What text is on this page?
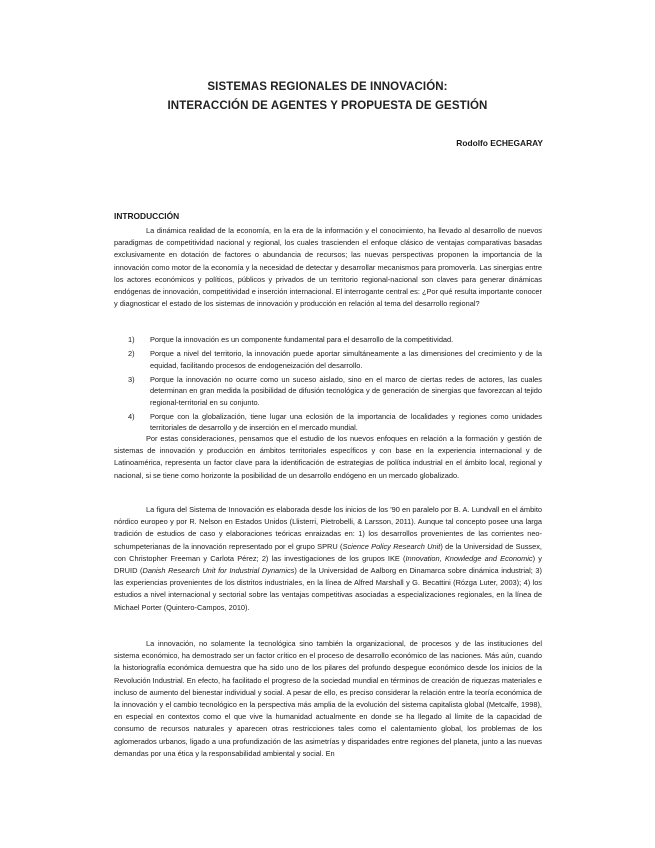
SISTEMAS REGIONALES DE INNOVACIÓN:
INTERACCIÓN DE AGENTES Y PROPUESTA DE GESTIÓN
Rodolfo ECHEGARAY
INTRODUCCIÓN

La dinámica realidad de la economía, en la era de la información y el conocimiento, ha llevado al desarrollo de nuevos paradigmas de competitividad nacional y regional, los cuales trascienden el enfoque clásico de ventajas comparativas basadas exclusivamente en dotación de factores o abundancia de recursos; las nuevas perspectivas proponen la importancia de la innovación como motor de la economía y la necesidad de detectar y desarrollar mecanismos para promoverla. Las sinergias entre los actores económicos y políticos, públicos y privados de un territorio regional-nacional son claves para generar dinámicas endógenas de innovación, competitividad e inserción internacional. El interrogante central es: ¿Por qué resulta importante conocer y diagnosticar el estado de los sistemas de innovación y producción en relación al tema del desarrollo regional?

1)	Porque la innovación es un componente fundamental para el desarrollo de la competitividad.
2)	Porque a nivel del territorio, la innovación puede aportar simultáneamente a las dimensiones del crecimiento y de la equidad, facilitando procesos de endogeneización del desarrollo.
3)	Porque la innovación no ocurre como un suceso aislado, sino en el marco de ciertas redes de actores, las cuales determinan en gran medida la posibilidad de difusión tecnológica y de generación de sinergias que favorezcan al tejido regional-territorial en su conjunto.
4)	Porque con la globalización, tiene lugar una eclosión de la importancia de localidades y regiones como unidades territoriales de desarrollo y de inserción en el mercado mundial.

Por estas consideraciones, pensamos que el estudio de los nuevos enfoques en relación a la formación y gestión de sistemas de innovación y producción en ámbitos territoriales específicos y con base en la experiencia internacional y de Latinoamérica, representa un factor clave para la identificación de estrategias de política industrial en el ámbito local, regional y nacional, si se tiene como horizonte la posibilidad de un desarrollo endógeno en un mercado globalizado.

La figura del Sistema de Innovación es elaborada desde los inicios de los '90 en paralelo por B. A. Lundvall en el ámbito nórdico europeo y por R. Nelson en Estados Unidos (Llisterri, Pietrobelli, & Larsson, 2011). Aunque tal concepto posee una larga tradición de estudios de caso y elaboraciones teóricas enraizadas en: 1) los desarrollos provenientes de las corrientes neo-schumpeterianas de la innovación representado por el grupo SPRU (Science Policy Research Unit) de la Universidad de Sussex, con Christopher Freeman y Carlota Pérez; 2) las investigaciones de los grupos IKE (Innovation, Knowledge and Economic) y DRUID (Danish Research Unit for Industrial Dynamics) de la Universidad de Aalborg en Dinamarca sobre dinámica industrial; 3) las experiencias provenientes de los distritos industriales, en la línea de Alfred Marshall y G. Becattini (Rózga Luter, 2003); 4) los estudios a nivel internacional y sectorial sobre las ventajas competitivas asociadas a especializaciones regionales, en la línea de Michael Porter (Quintero-Campos, 2010).

La innovación, no solamente la tecnológica sino también la organizacional, de procesos y de las instituciones del sistema económico, ha demostrado ser un factor crítico en el proceso de desarrollo económico de las naciones. Más aún, cuando la historiografía económica demuestra que ha sido uno de los pilares del profundo despegue económico desde los inicios de la Revolución Industrial. En efecto, ha facilitado el progreso de la sociedad mundial en términos de creación de riquezas materiales e incluso de aumento del bienestar individual y social. A pesar de ello, es preciso considerar la relación entre la teoría económica de la innovación y el cambio tecnológico en la perspectiva más amplia de la evolución del sistema capitalista global (Metcalfe, 1998), en especial en contextos como el que vive la humanidad actualmente en donde se ha llegado al límite de la capacidad de consumo de recursos naturales y aparecen otras restricciones tales como el calentamiento global, los problemas de los aglomerados urbanos, ligado a una profundización de las asimetrías y disparidades entre regiones del planeta, junto a las nuevas demandas por una ética y la responsabilidad ambiental y social. En
